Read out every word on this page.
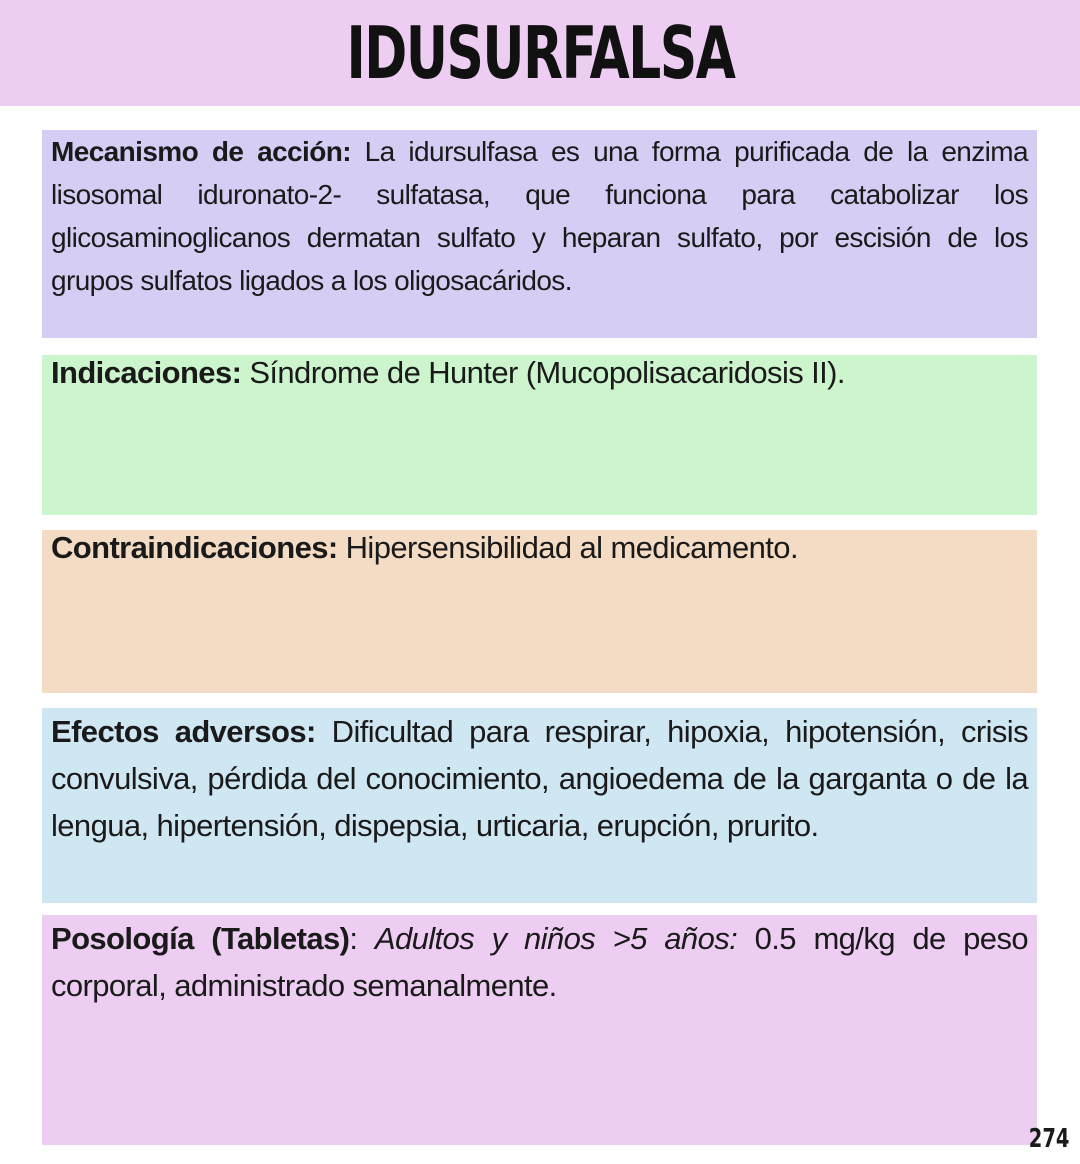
IDUSURFALSA
Mecanismo de acción: La idursulfasa es una forma purificada de la enzima lisosomal iduronato-2- sulfatasa, que funciona para catabolizar los glicosaminoglicanos dermatan sulfato y heparan sulfato, por escisión de los grupos sulfatos ligados a los oligosacáridos.
Indicaciones: Síndrome de Hunter (Mucopolisacaridosis II).
Contraindicaciones: Hipersensibilidad al medicamento.
Efectos adversos: Dificultad para respirar, hipoxia, hipotensión, crisis convulsiva, pérdida del conocimiento, angioedema de la garganta o de la lengua, hipertensión, dispepsia, urticaria, erupción, prurito.
Posología (Tabletas): Adultos y niños >5 años: 0.5 mg/kg de peso corporal, administrado semanalmente.
274
